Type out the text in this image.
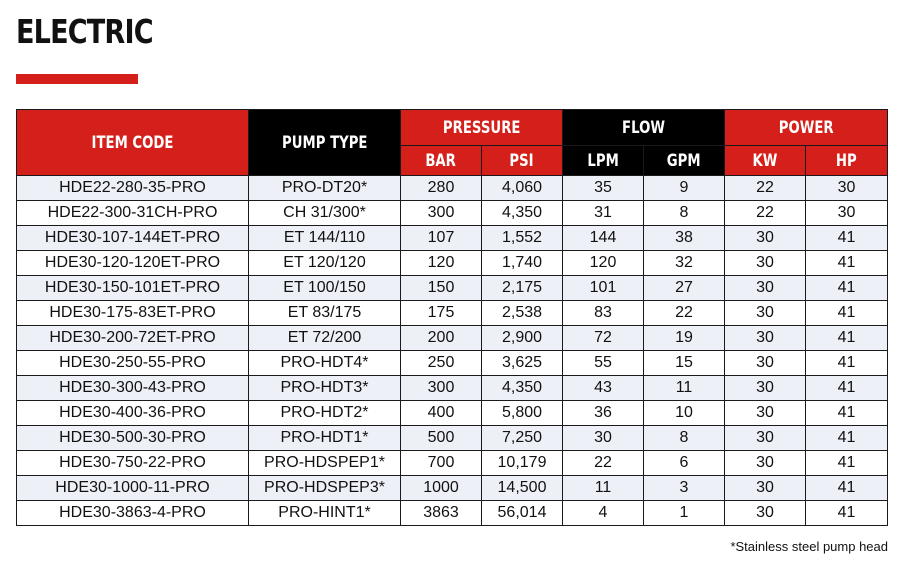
ELECTRIC
ITEM CODE	PUMP TYPE	PRESSURE		FLOW		POWER	
		BAR	PSI	LPM	GPM	KW	HP
HDE22-280-35-PRO	PRO-DT20*	280	4,060	35	9	22	30
HDE22-300-31CH-PRO	CH 31/300*	300	4,350	31	8	22	30
HDE30-107-144ET-PRO	ET 144/110	107	1,552	144	38	30	41
HDE30-120-120ET-PRO	ET 120/120	120	1,740	120	32	30	41
HDE30-150-101ET-PRO	ET 100/150	150	2,175	101	27	30	41
HDE30-175-83ET-PRO	ET 83/175	175	2,538	83	22	30	41
HDE30-200-72ET-PRO	ET 72/200	200	2,900	72	19	30	41
HDE30-250-55-PRO	PRO-HDT4*	250	3,625	55	15	30	41
HDE30-300-43-PRO	PRO-HDT3*	300	4,350	43	11	30	41
HDE30-400-36-PRO	PRO-HDT2*	400	5,800	36	10	30	41
HDE30-500-30-PRO	PRO-HDT1*	500	7,250	30	8	30	41
HDE30-750-22-PRO	PRO-HDSPEP1*	700	10,179	22	6	30	41
HDE30-1000-11-PRO	PRO-HDSPEP3*	1000	14,500	11	3	30	41
HDE30-3863-4-PRO	PRO-HINT1*	3863	56,014	4	1	30	41
*Stainless steel pump head
